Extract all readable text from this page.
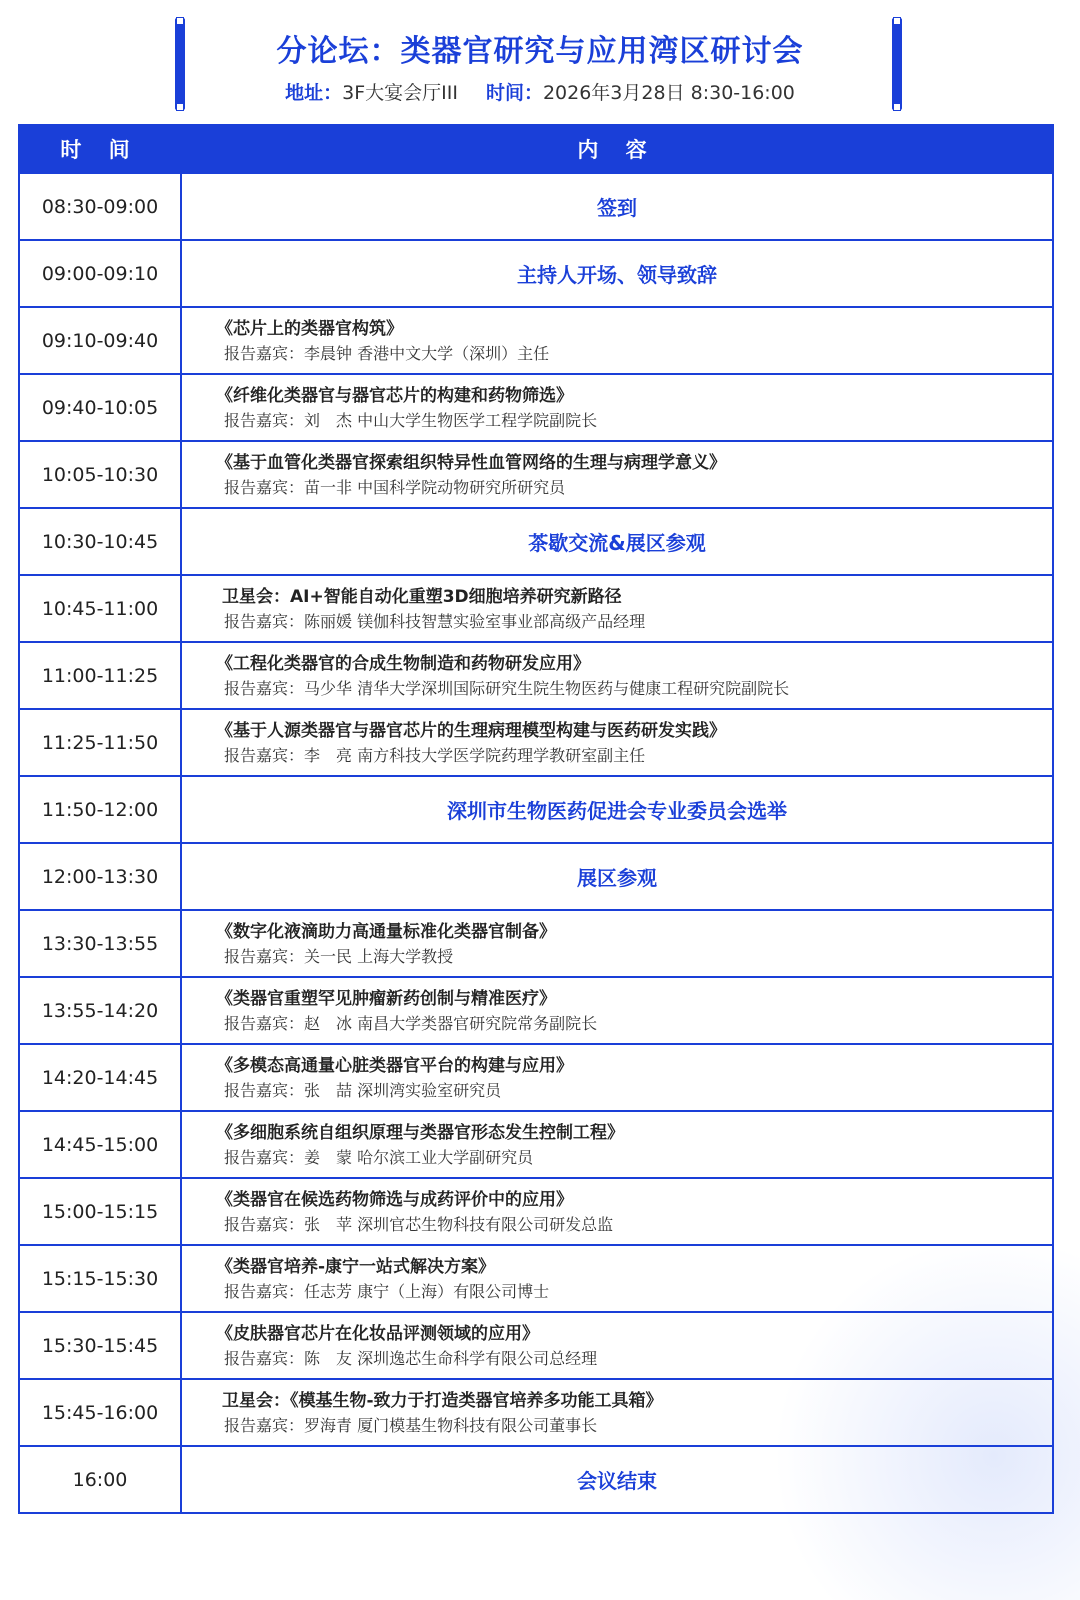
分论坛：类器官研究与应用湾区研讨会
地址：3F大宴会厅III 时间：2026年3月28日 8:30-16:00
时 间	内 容
08:30-09:00	签到

09:00-09:10	主持人开场、领导致辞

09:10-09:40	《芯片上的类器官构筑》
报告嘉宾：李晨钟 香港中文大学（深圳）主任

09:40-10:05	《纤维化类器官与器官芯片的构建和药物筛选》
报告嘉宾：刘　杰 中山大学生物医学工程学院副院长

10:05-10:30	《基于血管化类器官探索组织特异性血管网络的生理与病理学意义》
报告嘉宾：苗一非 中国科学院动物研究所研究员

10:30-10:45	茶歇交流&展区参观

10:45-11:00	卫星会：AI+智能自动化重塑3D细胞培养研究新路径
报告嘉宾：陈丽媛 镁伽科技智慧实验室事业部高级产品经理

11:00-11:25	《工程化类器官的合成生物制造和药物研发应用》
报告嘉宾：马少华 清华大学深圳国际研究生院生物医药与健康工程研究院副院长

11:25-11:50	《基于人源类器官与器官芯片的生理病理模型构建与医药研发实践》
报告嘉宾：李　亮 南方科技大学医学院药理学教研室副主任

11:50-12:00	深圳市生物医药促进会专业委员会选举

12:00-13:30	展区参观

13:30-13:55	《数字化液滴助力高通量标准化类器官制备》
报告嘉宾：关一民 上海大学教授

13:55-14:20	《类器官重塑罕见肿瘤新药创制与精准医疗》
报告嘉宾：赵　冰 南昌大学类器官研究院常务副院长

14:20-14:45	《多模态高通量心脏类器官平台的构建与应用》
报告嘉宾：张　喆 深圳湾实验室研究员

14:45-15:00	《多细胞系统自组织原理与类器官形态发生控制工程》
报告嘉宾：姜　蒙 哈尔滨工业大学副研究员

15:00-15:15	《类器官在候选药物筛选与成药评价中的应用》
报告嘉宾：张　苹 深圳官芯生物科技有限公司研发总监

15:15-15:30	《类器官培养-康宁一站式解决方案》
报告嘉宾：任志芳 康宁（上海）有限公司博士

15:30-15:45	《皮肤器官芯片在化妆品评测领域的应用》
报告嘉宾：陈　友 深圳逸芯生命科学有限公司总经理

15:45-16:00	卫星会：《模基生物-致力于打造类器官培养多功能工具箱》
报告嘉宾：罗海青 厦门模基生物科技有限公司董事长

16:00	会议结束
